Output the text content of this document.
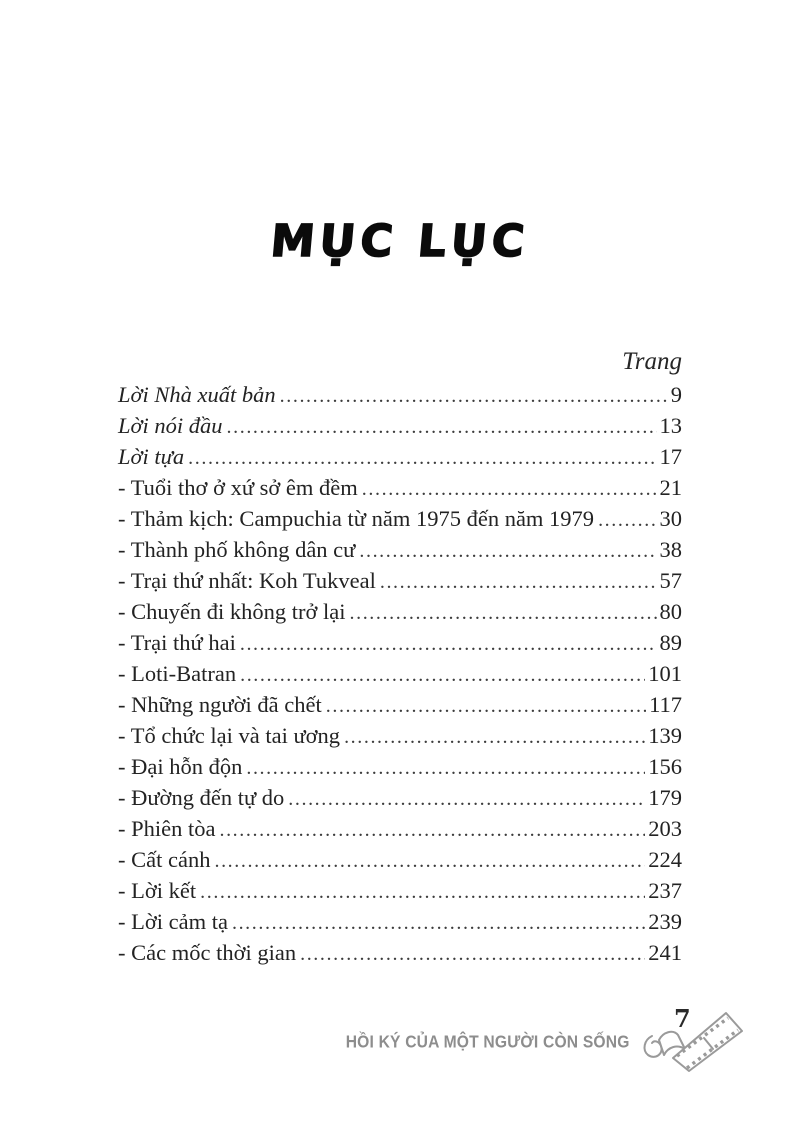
MỤC LỤC
Trang
Lời Nhà xuất bản .....	9
Lời nói đầu .....	13
Lời tựa .....	17
- Tuổi thơ ở xứ sở êm đềm .....	21
- Thảm kịch: Campuchia từ năm 1975 đến năm 1979 .....	30
- Thành phố không dân cư .....	38
- Trại thứ nhất: Koh Tukveal .....	57
- Chuyến đi không trở lại .....	80
- Trại thứ hai .....	89
- Loti-Batran .....	101
- Những người đã chết .....	117
- Tổ chức lại và tai ương .....	139
- Đại hỗn độn .....	156
- Đường đến tự do .....	179
- Phiên tòa .....	203
- Cất cánh .....	224
- Lời kết .....	237
- Lời cảm tạ .....	239
- Các mốc thời gian .....	241
HỒI KÝ CỦA MỘT NGƯỜI CÒN SỐNG
7
